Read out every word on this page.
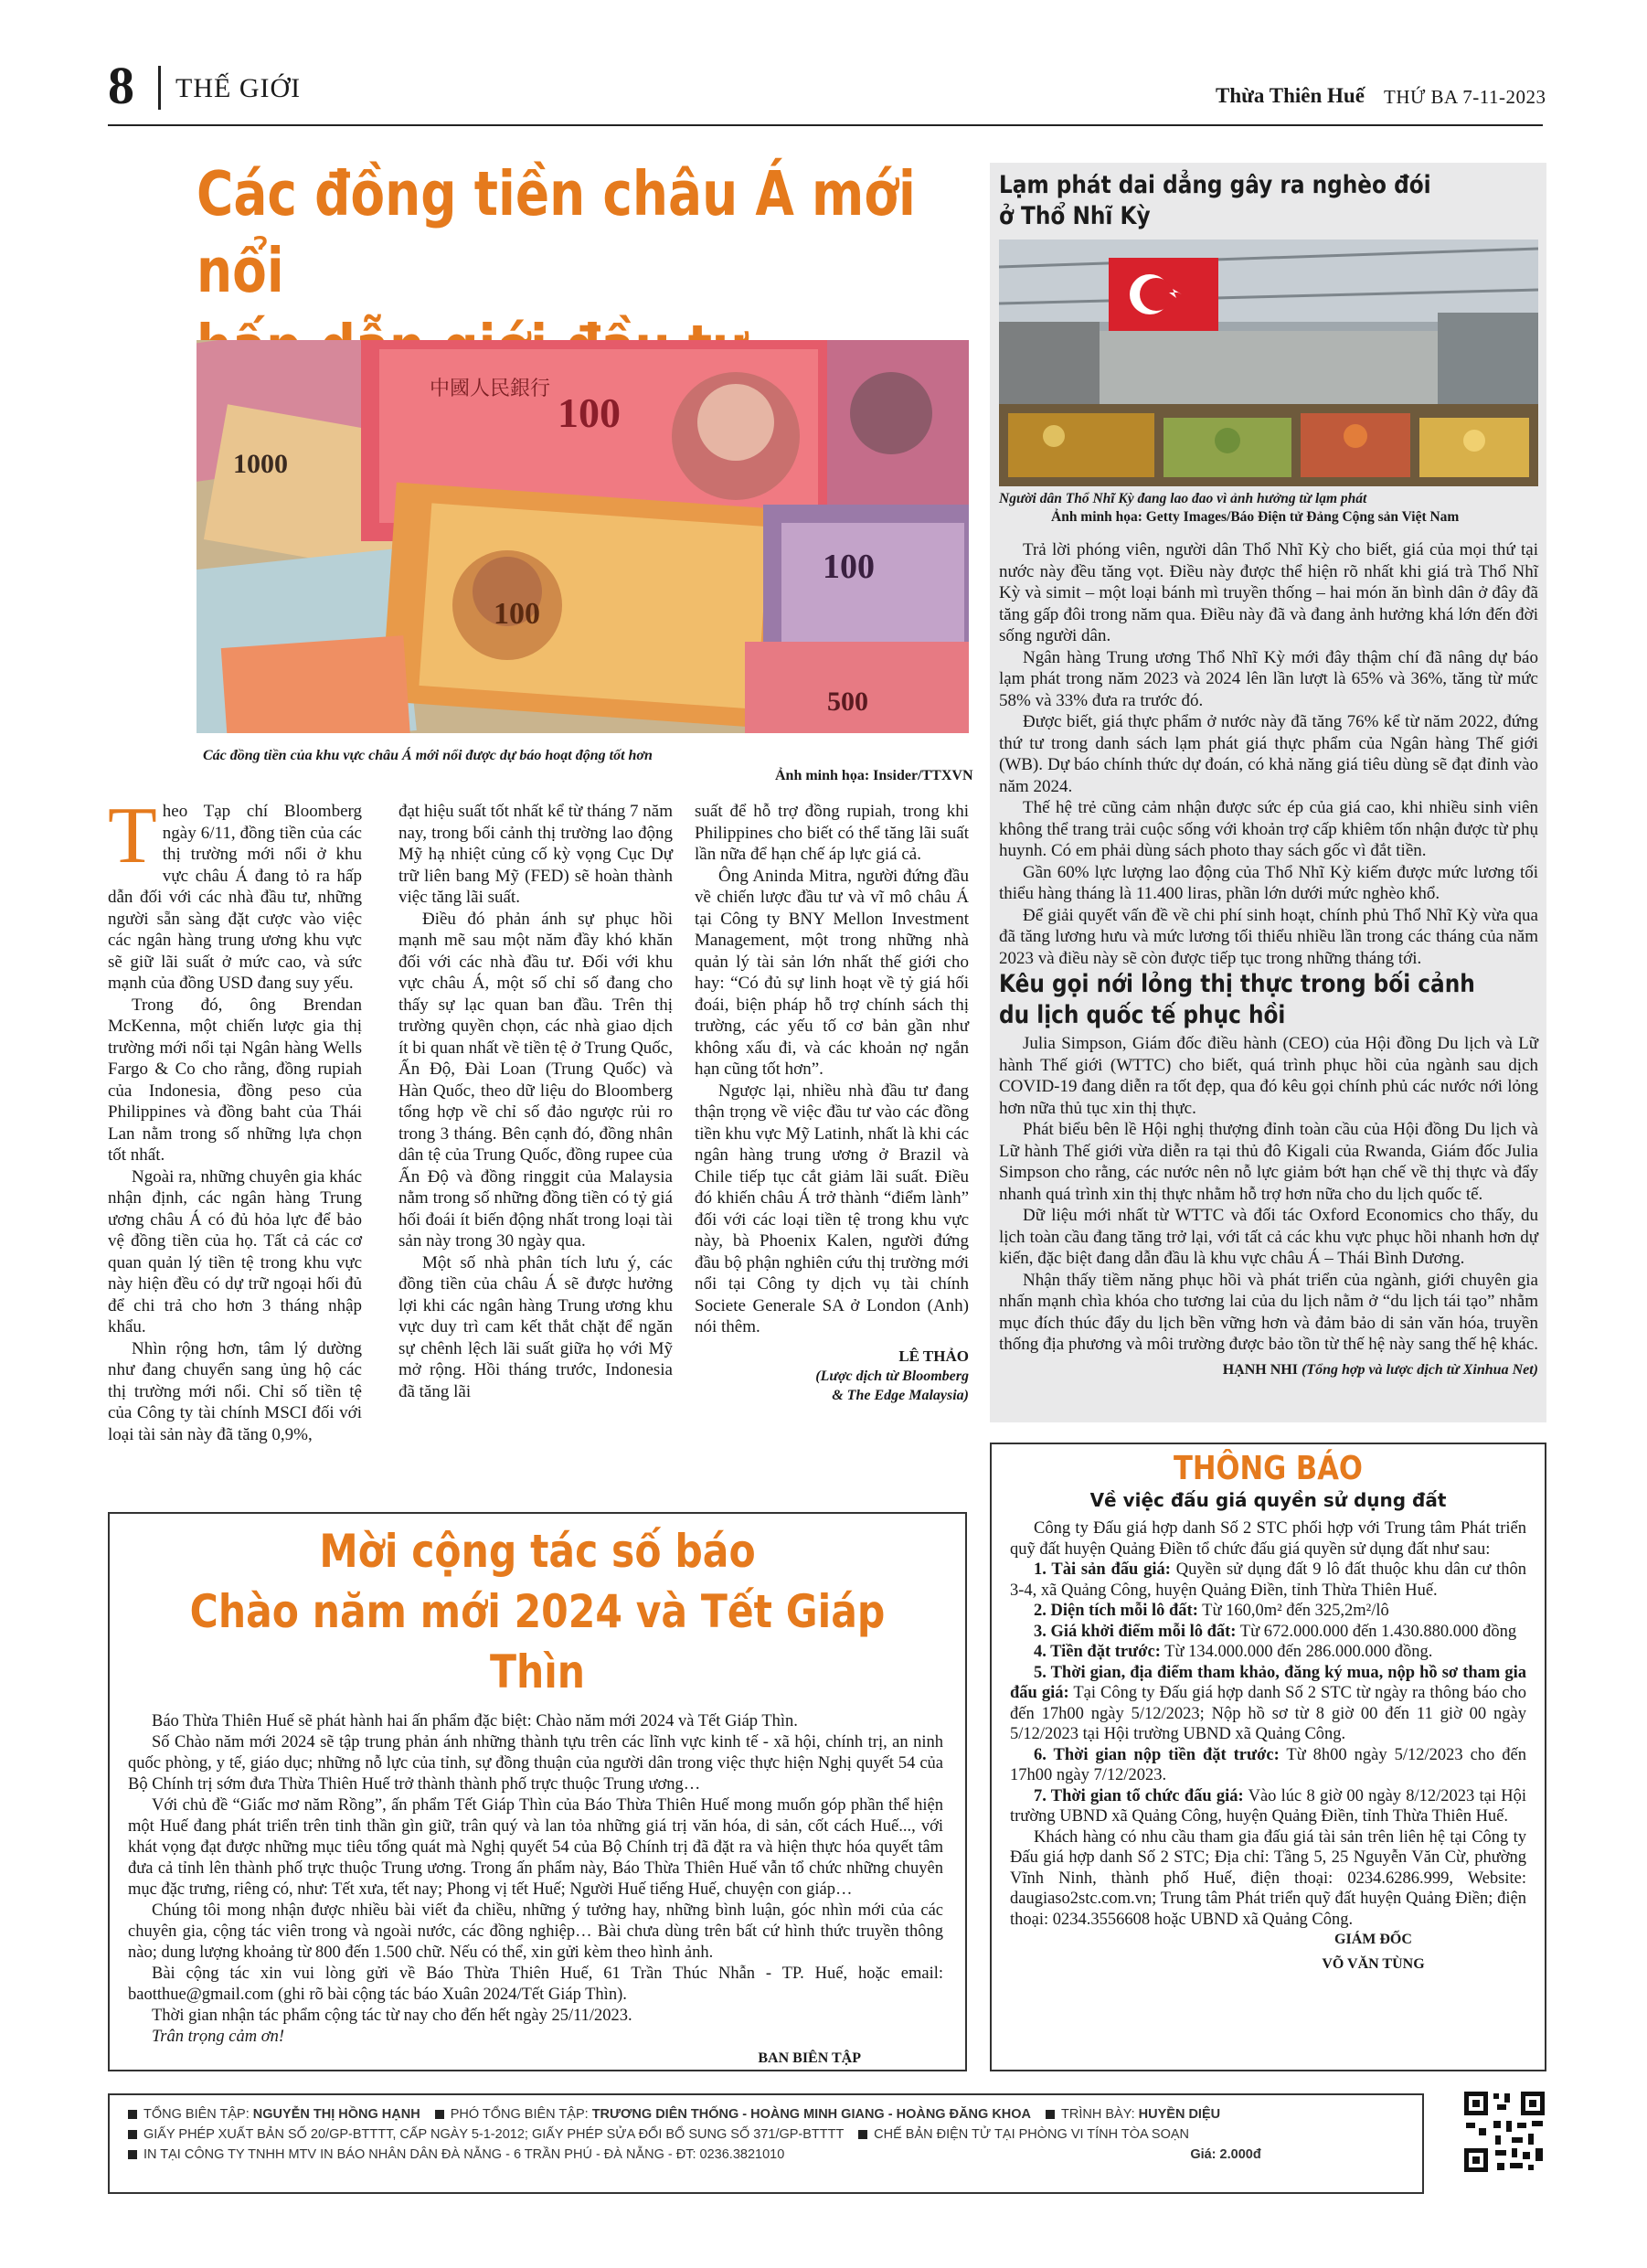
8 THẾ GIỚI	Thừa Thiên Huế THỨ BA 7-11-2023
Các đồng tiền châu Á mới nổi
中國人民銀行
100
1000
100
100
500
Các đồng tiền của khu vực châu Á mới nổi được dự báo hoạt động tốt hơn
Ảnh minh họa: Insider/TTXVN

Theo Tạp chí Bloomberg ngày 6/11, đồng tiền của các thị trường mới nổi ở khu vực châu Á đang tỏ ra hấp dẫn đối với các nhà đầu tư, những người sẵn sàng đặt cược vào việc các ngân hàng trung ương khu vực sẽ giữ lãi suất ở mức cao, và sức mạnh của đồng USD đang suy yếu.

Trong đó, ông Brendan McKenna, một chiến lược gia thị trường mới nổi tại Ngân hàng Wells Fargo & Co cho rằng, đồng rupiah của Indonesia, đồng peso của Philippines và đồng baht của Thái Lan nằm trong số những lựa chọn tốt nhất.

Ngoài ra, những chuyên gia khác nhận định, các ngân hàng Trung ương châu Á có đủ hỏa lực để bảo vệ đồng tiền của họ. Tất cả các cơ quan quản lý tiền tệ trong khu vực này hiện đều có dự trữ ngoại hối đủ để chi trả cho hơn 3 tháng nhập khẩu.

Nhìn rộng hơn, tâm lý dường như đang chuyển sang ủng hộ các thị trường mới nổi. Chỉ số tiền tệ của Công ty tài chính MSCI đối với loại tài sản này đã tăng 0,9%,

đạt hiệu suất tốt nhất kể từ tháng 7 năm nay, trong bối cảnh thị trường lao động Mỹ hạ nhiệt củng cố kỳ vọng Cục Dự trữ liên bang Mỹ (FED) sẽ hoàn thành việc tăng lãi suất.

Điều đó phản ánh sự phục hồi mạnh mẽ sau một năm đầy khó khăn đối với các nhà đầu tư. Đối với khu vực châu Á, một số chỉ số đang cho thấy sự lạc quan ban đầu. Trên thị trường quyền chọn, các nhà giao dịch ít bi quan nhất về tiền tệ ở Trung Quốc, Ấn Độ, Đài Loan (Trung Quốc) và Hàn Quốc, theo dữ liệu do Bloomberg tổng hợp về chỉ số đảo ngược rủi ro trong 3 tháng. Bên cạnh đó, đồng nhân dân tệ của Trung Quốc, đồng rupee của Ấn Độ và đồng ringgit của Malaysia nằm trong số những đồng tiền có tỷ giá hối đoái ít biến động nhất trong loại tài sản này trong 30 ngày qua.

Một số nhà phân tích lưu ý, các đồng tiền của châu Á sẽ được hưởng lợi khi các ngân hàng Trung ương khu vực duy trì cam kết thắt chặt để ngăn sự chênh lệch lãi suất giữa họ với Mỹ mở rộng. Hồi tháng trước, Indonesia đã tăng lãi

suất để hỗ trợ đồng rupiah, trong khi Philippines cho biết có thể tăng lãi suất lần nữa để hạn chế áp lực giá cả.

Ông Aninda Mitra, người đứng đầu về chiến lược đầu tư và vĩ mô châu Á tại Công ty BNY Mellon Investment Management, một trong những nhà quản lý tài sản lớn nhất thế giới cho hay: “Có đủ sự linh hoạt về tỷ giá hối đoái, biện pháp hỗ trợ chính sách thị trường, các yếu tố cơ bản gần như không xấu đi, và các khoản nợ ngắn hạn cũng tốt hơn”.

Ngược lại, nhiều nhà đầu tư đang thận trọng về việc đầu tư vào các đồng tiền khu vực Mỹ Latinh, nhất là khi các ngân hàng trung ương ở Brazil và Chile tiếp tục cắt giảm lãi suất. Điều đó khiến châu Á trở thành “điểm lành” đối với các loại tiền tệ trong khu vực này, bà Phoenix Kalen, người đứng đầu bộ phận nghiên cứu thị trường mới nổi tại Công ty dịch vụ tài chính Societe Generale SA ở London (Anh) nói thêm.

LÊ THẢO
(Lược dịch từ Bloomberg
& The Edge Malaysia)
Lạm phát dai dẳng gây ra nghèo đói
ở Thổ Nhĩ Kỳ
Người dân Thổ Nhĩ Kỳ đang lao đao vì ảnh hưởng từ lạm phát
Ảnh minh họa: Getty Images/Báo Điện tử Đảng Cộng sản Việt Nam

Trả lời phóng viên, người dân Thổ Nhĩ Kỳ cho biết, giá của mọi thứ tại nước này đều tăng vọt. Điều này được thể hiện rõ nhất khi giá trà Thổ Nhĩ Kỳ và simit – một loại bánh mì truyền thống – hai món ăn bình dân ở đây đã tăng gấp đôi trong năm qua. Điều này đã và đang ảnh hưởng khá lớn đến đời sống người dân.

Ngân hàng Trung ương Thổ Nhĩ Kỳ mới đây thậm chí đã nâng dự báo lạm phát trong năm 2023 và 2024 lên lần lượt là 65% và 36%, tăng từ mức 58% và 33% đưa ra trước đó.

Được biết, giá thực phẩm ở nước này đã tăng 76% kể từ năm 2022, đứng thứ tư trong danh sách lạm phát giá thực phẩm của Ngân hàng Thế giới (WB). Dự báo chính thức dự đoán, có khả năng giá tiêu dùng sẽ đạt đỉnh vào năm 2024.

Thế hệ trẻ cũng cảm nhận được sức ép của giá cao, khi nhiều sinh viên không thể trang trải cuộc sống với khoản trợ cấp khiêm tốn nhận được từ phụ huynh. Có em phải dùng sách photo thay sách gốc vì đắt tiền.

Gần 60% lực lượng lao động của Thổ Nhĩ Kỳ kiếm được mức lương tối thiểu hàng tháng là 11.400 liras, phần lớn dưới mức nghèo khổ.

Để giải quyết vấn đề về chi phí sinh hoạt, chính phủ Thổ Nhĩ Kỳ vừa qua đã tăng lương hưu và mức lương tối thiểu nhiều lần trong các tháng của năm 2023 và điều này sẽ còn được tiếp tục trong những tháng tới.

Kêu gọi nới lỏng thị thực trong bối cảnh
du lịch quốc tế phục hồi

Julia Simpson, Giám đốc điều hành (CEO) của Hội đồng Du lịch và Lữ hành Thế giới (WTTC) cho biết, quá trình phục hồi của ngành sau dịch COVID-19 đang diễn ra tốt đẹp, qua đó kêu gọi chính phủ các nước nới lỏng hơn nữa thủ tục xin thị thực.

Phát biểu bên lề Hội nghị thượng đỉnh toàn cầu của Hội đồng Du lịch và Lữ hành Thế giới vừa diễn ra tại thủ đô Kigali của Rwanda, Giám đốc Julia Simpson cho rằng, các nước nên nỗ lực giảm bớt hạn chế về thị thực và đẩy nhanh quá trình xin thị thực nhằm hỗ trợ hơn nữa cho du lịch quốc tế.

Dữ liệu mới nhất từ WTTC và đối tác Oxford Economics cho thấy, du lịch toàn cầu đang tăng trở lại, với tất cả các khu vực phục hồi nhanh hơn dự kiến, đặc biệt đang dẫn đầu là khu vực châu Á – Thái Bình Dương.

Nhận thấy tiềm năng phục hồi và phát triển của ngành, giới chuyên gia nhấn mạnh chìa khóa cho tương lai của du lịch nằm ở “du lịch tái tạo” nhằm mục đích thúc đẩy du lịch bền vững hơn và đảm bảo di sản văn hóa, truyền thống địa phương và môi trường được bảo tồn từ thế hệ này sang thế hệ khác.

HẠNH NHI (Tổng hợp và lược dịch từ Xinhua Net)
Mời cộng tác số báo
Chào năm mới 2024 và Tết Giáp Thìn

Báo Thừa Thiên Huế sẽ phát hành hai ấn phẩm đặc biệt: Chào năm mới 2024 và Tết Giáp Thìn.

Số Chào năm mới 2024 sẽ tập trung phản ánh những thành tựu trên các lĩnh vực kinh tế - xã hội, chính trị, an ninh quốc phòng, y tế, giáo dục; những nỗ lực của tỉnh, sự đồng thuận của người dân trong việc thực hiện Nghị quyết 54 của Bộ Chính trị sớm đưa Thừa Thiên Huế trở thành thành phố trực thuộc Trung ương…

Với chủ đề “Giấc mơ năm Rồng”, ấn phẩm Tết Giáp Thìn của Báo Thừa Thiên Huế mong muốn góp phần thể hiện một Huế đang phát triển trên tinh thần gìn giữ, trân quý và lan tỏa những giá trị văn hóa, di sản, cốt cách Huế..., với khát vọng đạt được những mục tiêu tổng quát mà Nghị quyết 54 của Bộ Chính trị đã đặt ra và hiện thực hóa quyết tâm đưa cả tỉnh lên thành phố trực thuộc Trung ương. Trong ấn phẩm này, Báo Thừa Thiên Huế vẫn tổ chức những chuyên mục đặc trưng, riêng có, như: Tết xưa, tết nay; Phong vị tết Huế; Người Huế tiếng Huế, chuyện con giáp…

Chúng tôi mong nhận được nhiều bài viết đa chiều, những ý tưởng hay, những bình luận, góc nhìn mới của các chuyên gia, cộng tác viên trong và ngoài nước, các đồng nghiệp… Bài chưa dùng trên bất cứ hình thức truyền thông nào; dung lượng khoảng từ 800 đến 1.500 chữ. Nếu có thể, xin gửi kèm theo hình ảnh.

Bài cộng tác xin vui lòng gửi về Báo Thừa Thiên Huế, 61 Trần Thúc Nhẫn - TP. Huế, hoặc email: baotthue@gmail.com (ghi rõ bài cộng tác báo Xuân 2024/Tết Giáp Thìn).

Thời gian nhận tác phẩm cộng tác từ nay cho đến hết ngày 25/11/2023.

Trân trọng cảm ơn!

BAN BIÊN TẬP
THÔNG BÁO
Về việc đấu giá quyền sử dụng đất

Công ty Đấu giá hợp danh Số 2 STC phối hợp với Trung tâm Phát triển quỹ đất huyện Quảng Điền tổ chức đấu giá quyền sử dụng đất như sau:

1. Tài sản đấu giá: Quyền sử dụng đất 9 lô đất thuộc khu dân cư thôn 3-4, xã Quảng Công, huyện Quảng Điền, tỉnh Thừa Thiên Huế.

2. Diện tích mỗi lô đất: Từ 160,0m² đến 325,2m²/lô

3. Giá khởi điểm mỗi lô đất: Từ 672.000.000 đến 1.430.880.000 đồng

4. Tiền đặt trước: Từ 134.000.000 đến 286.000.000 đồng.

5. Thời gian, địa điểm tham khảo, đăng ký mua, nộp hồ sơ tham gia đấu giá: Tại Công ty Đấu giá hợp danh Số 2 STC từ ngày ra thông báo cho đến 17h00 ngày 5/12/2023; Nộp hồ sơ từ 8 giờ 00 đến 11 giờ 00 ngày 5/12/2023 tại Hội trường UBND xã Quảng Công.

6. Thời gian nộp tiền đặt trước: Từ 8h00 ngày 5/12/2023 cho đến 17h00 ngày 7/12/2023.

7. Thời gian tổ chức đấu giá: Vào lúc 8 giờ 00 ngày 8/12/2023 tại Hội trường UBND xã Quảng Công, huyện Quảng Điền, tỉnh Thừa Thiên Huế.

Khách hàng có nhu cầu tham gia đấu giá tài sản trên liên hệ tại Công ty Đấu giá hợp danh Số 2 STC; Địa chỉ: Tầng 5, 25 Nguyễn Văn Cừ, phường Vĩnh Ninh, thành phố Huế, điện thoại: 0234.6286.999, Website: daugiaso2stc.com.vn; Trung tâm Phát triển quỹ đất huyện Quảng Điền; điện thoại: 0234.3556608 hoặc UBND xã Quảng Công.

GIÁM ĐỐC
VÕ VĂN TÙNG
TỔNG BIÊN TẬP: NGUYỄN THỊ HỒNG HẠNH PHÓ TỔNG BIÊN TẬP: TRƯƠNG DIÊN THỐNG - HOÀNG MINH GIANG - HOÀNG ĐĂNG KHOA TRÌNH BÀY: HUYỀN DIỆU
GIẤY PHÉP XUẤT BẢN SỐ 20/GP-BTTTT, CẤP NGÀY 5-1-2012; GIẤY PHÉP SỬA ĐỔI BỔ SUNG SỐ 371/GP-BTTTT CHẾ BẢN ĐIỆN TỬ TẠI PHÒNG VI TÍNH TÒA SOẠN
IN TẠI CÔNG TY TNHH MTV IN BÁO NHÂN DÂN ĐÀ NẴNG - 6 TRẦN PHÚ - ĐÀ NẴNG - ĐT: 0236.3821010	Giá: 2.000đ
